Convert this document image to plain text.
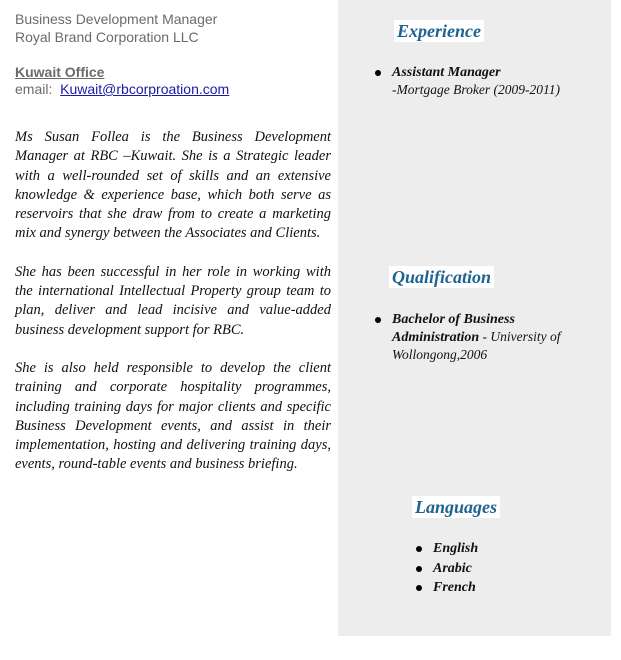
Business Development Manager
Royal Brand Corporation LLC
Kuwait Office
email: Kuwait@rbcorproation.com

Ms Susan Follea is the Business Development Manager at RBC –Kuwait. She is a Strategic leader with a well-rounded set of skills and an extensive knowledge & experience base, which both serve as reservoirs that she draw from to create a marketing mix and synergy between the Associates and Clients.

She has been successful in her role in working with the international Intellectual Property group team to plan, deliver and lead incisive and value-added business development support for RBC.

She is also held responsible to develop the client training and corporate hospitality programmes, including training days for major clients and specific Business Development events, and assist in their implementation, hosting and delivering training days, events, round-table events and business briefing.

Experience
Assistant Manager
-Mortgage Broker (2009-2011)
Qualification
Bachelor of Business Administration - University of Wollongong,2006
Languages
English
Arabic
French
